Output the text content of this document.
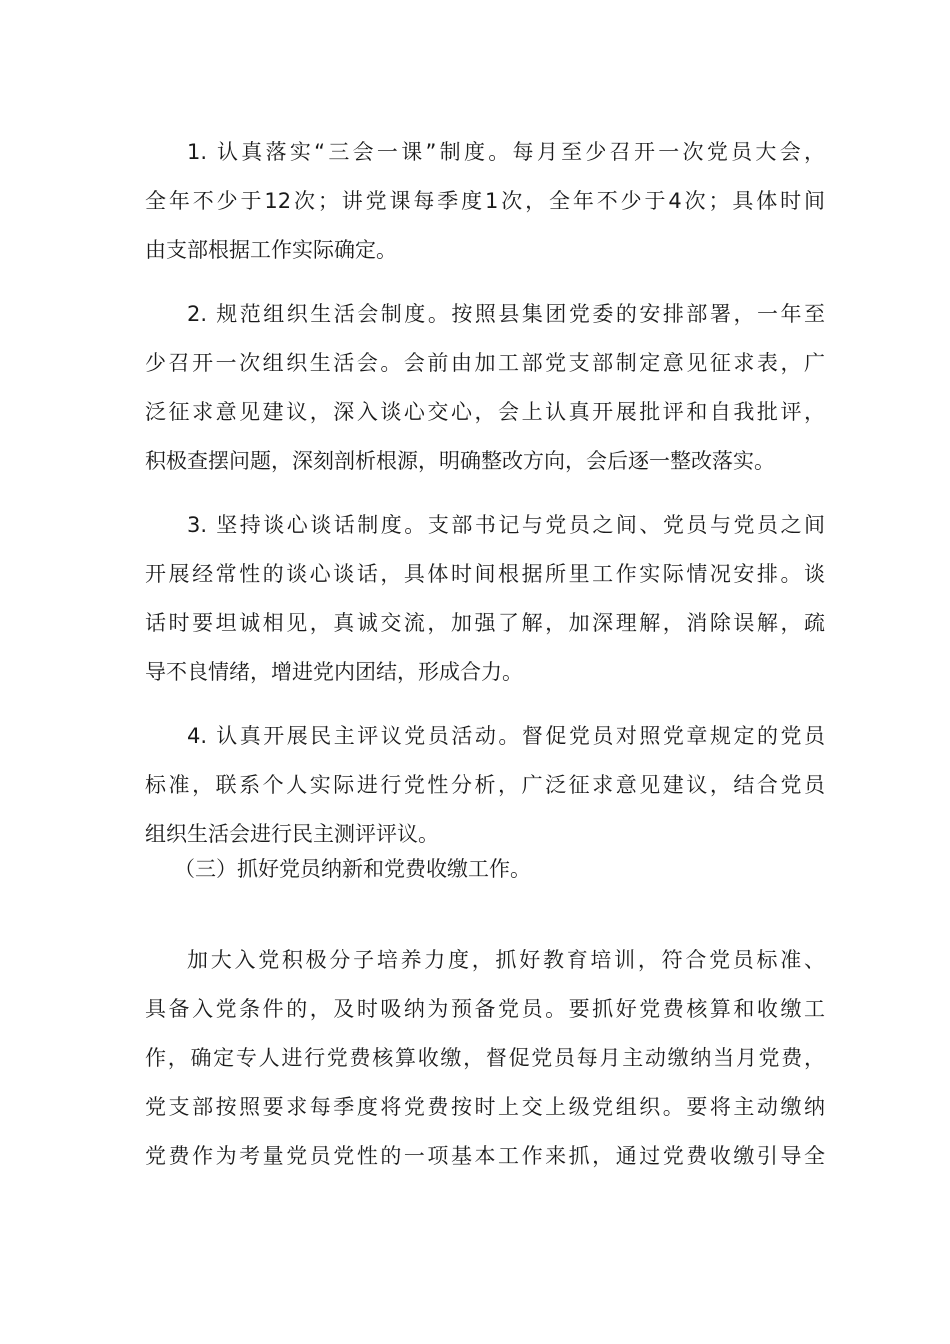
1. 认真落实“三会一课”制度。每月至少召开一次党员大会，

全年不少于12次；讲党课每季度1次，全年不少于4次；具体时间

由支部根据工作实际确定。

2. 规范组织生活会制度。按照县集团党委的安排部署，一年至

少召开一次组织生活会。会前由加工部党支部制定意见征求表，广

泛征求意见建议，深入谈心交心，会上认真开展批评和自我批评，

积极查摆问题，深刻剖析根源，明确整改方向，会后逐一整改落实。

3. 坚持谈心谈话制度。支部书记与党员之间、党员与党员之间

开展经常性的谈心谈话，具体时间根据所里工作实际情况安排。谈

话时要坦诚相见，真诚交流，加强了解，加深理解，消除误解，疏

导不良情绪，增进党内团结，形成合力。

4. 认真开展民主评议党员活动。督促党员对照党章规定的党员

标准，联系个人实际进行党性分析，广泛征求意见建议，结合党员

组织生活会进行民主测评评议。

（三）抓好党员纳新和党费收缴工作。

加大入党积极分子培养力度，抓好教育培训，符合党员标准、

具备入党条件的，及时吸纳为预备党员。要抓好党费核算和收缴工

作，确定专人进行党费核算收缴，督促党员每月主动缴纳当月党费，

党支部按照要求每季度将党费按时上交上级党组织。要将主动缴纳

党费作为考量党员党性的一项基本工作来抓，通过党费收缴引导全
